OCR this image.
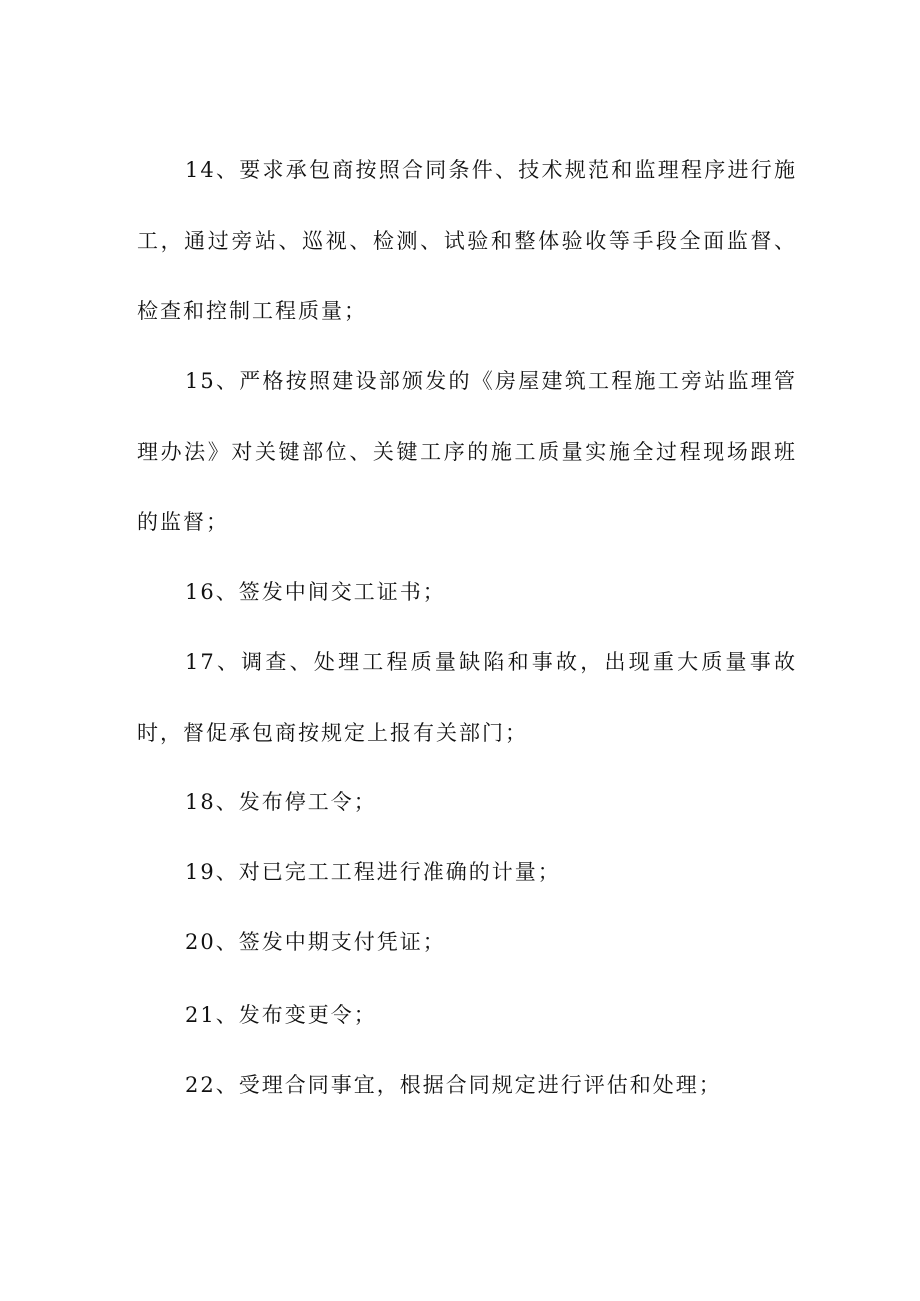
14、要求承包商按照合同条件、技术规范和监理程序进行施工，通过旁站、巡视、检测、试验和整体验收等手段全面监督、检查和控制工程质量；

15、严格按照建设部颁发的《房屋建筑工程施工旁站监理管理办法》对关键部位、关键工序的施工质量实施全过程现场跟班的监督；

16、签发中间交工证书；

17、调查、处理工程质量缺陷和事故，出现重大质量事故时，督促承包商按规定上报有关部门；

18、发布停工令；

19、对已完工工程进行准确的计量；

20、签发中期支付凭证；

21、发布变更令；

22、受理合同事宜，根据合同规定进行评估和处理；
